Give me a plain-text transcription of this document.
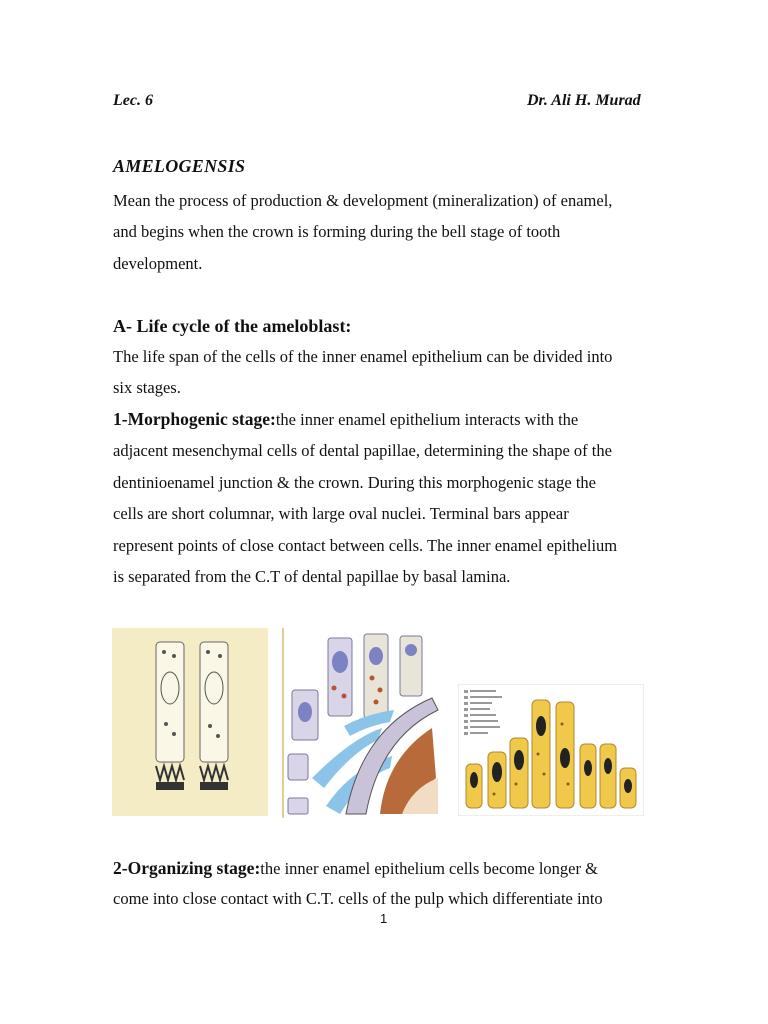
Lec. 6	Dr. Ali H. Murad
AMELOGENSIS
Mean the process of production & development (mineralization) of enamel,
and begins when the crown is forming during the bell stage of tooth
development.
A- Life cycle of the ameloblast:
The life span of the cells of the inner enamel epithelium can be divided into
six stages.
1-Morphogenic stage:the inner enamel epithelium interacts with the
adjacent mesenchymal cells of dental papillae, determining the shape of the
dentinioenamel junction & the crown. During this morphogenic stage the
cells are short columnar, with large oval nuclei. Terminal bars appear
represent points of close contact between cells. The inner enamel epithelium
is separated from the C.T of dental papillae by basal lamina.
2-Organizing stage:the inner enamel epithelium cells become longer &
come into close contact with C.T. cells of the pulp which differentiate into
1
